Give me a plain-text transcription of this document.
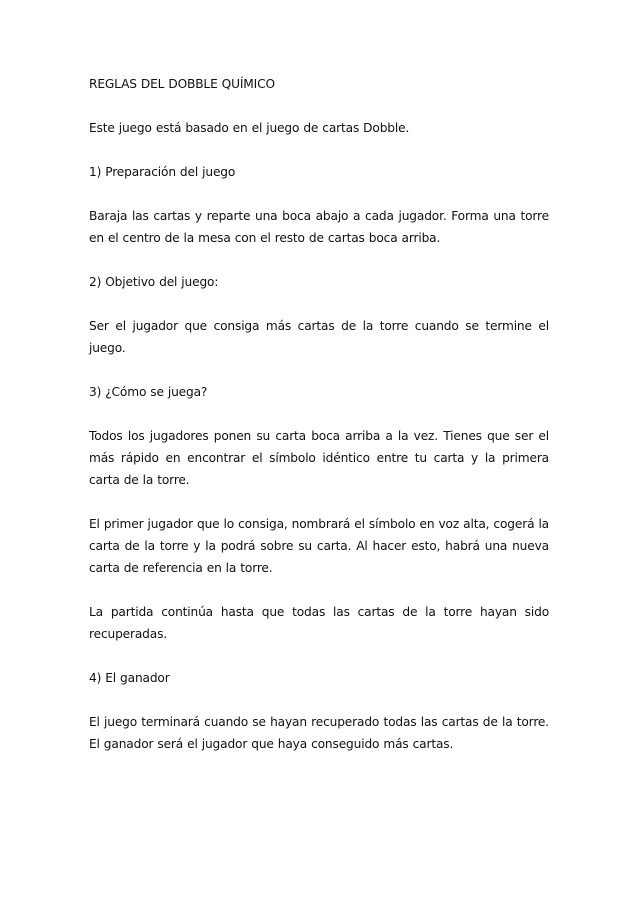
REGLAS DEL DOBBLE QUÍMICO

Este juego está basado en el juego de cartas Dobble.

1) Preparación del juego

Baraja las cartas y reparte una boca abajo a cada jugador. Forma una torre en el centro de la mesa con el resto de cartas boca arriba.

2) Objetivo del juego:

Ser el jugador que consiga más cartas de la torre cuando se termine el juego.

3) ¿Cómo se juega?

Todos los jugadores ponen su carta boca arriba a la vez. Tienes que ser el más rápido en encontrar el símbolo idéntico entre tu carta y la primera carta de la torre.

El primer jugador que lo consiga, nombrará el símbolo en voz alta, cogerá la carta de la torre y la podrá sobre su carta. Al hacer esto, habrá una nueva carta de referencia en la torre.

La partida continúa hasta que todas las cartas de la torre hayan sido recuperadas.

4) El ganador

El juego terminará cuando se hayan recuperado todas las cartas de la torre. El ganador será el jugador que haya conseguido más cartas.
